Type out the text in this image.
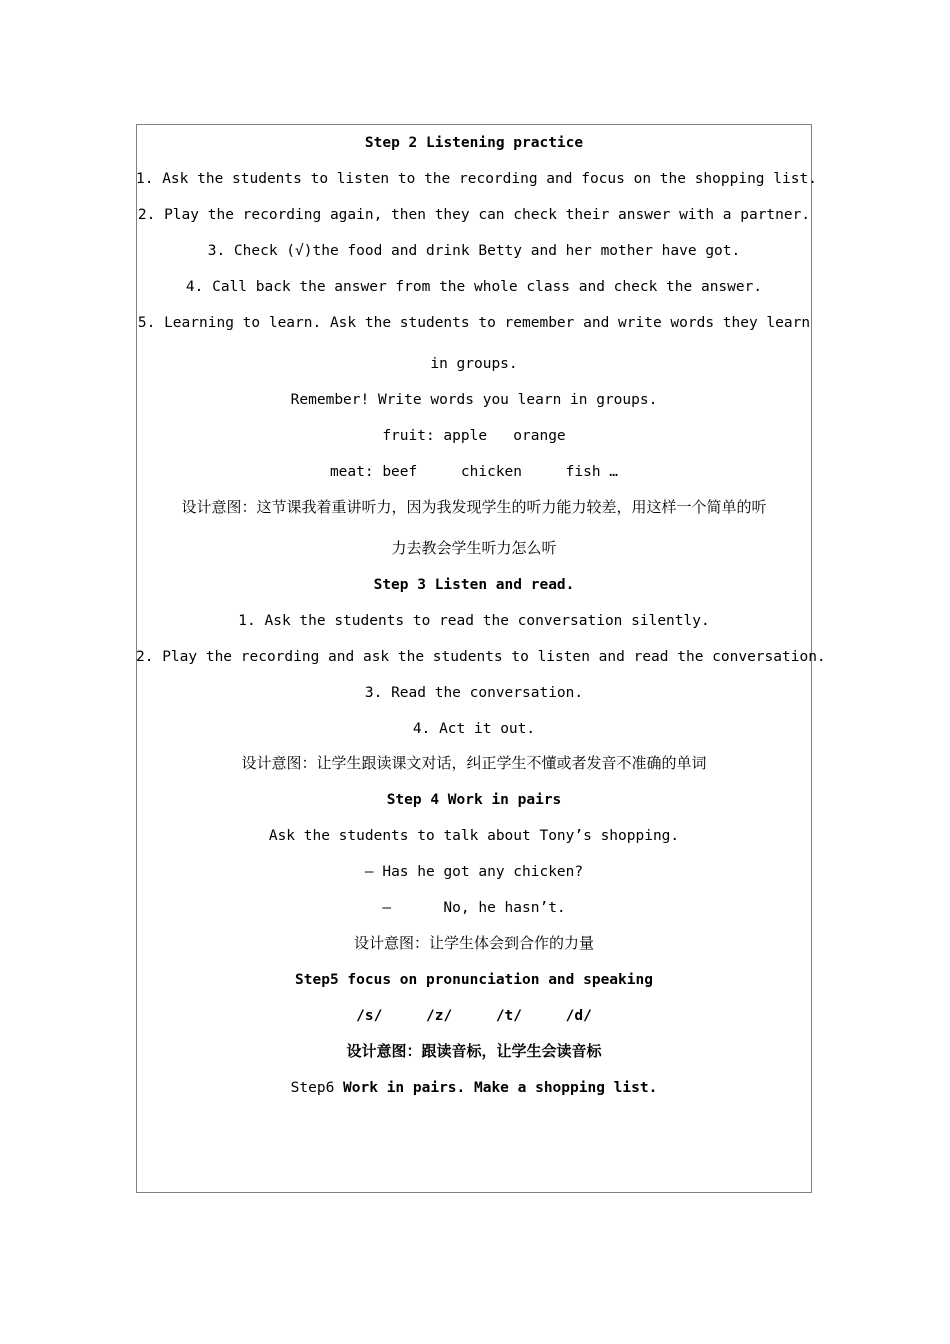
Step 2 Listening practice
1. Ask the students to listen to the recording and focus on the shopping list.
2. Play the recording again, then they can check their answer with a partner.
3. Check (√)the food and drink Betty and her mother have got.
4. Call back the answer from the whole class and check the answer.
5. Learning to learn. Ask the students to remember and write words they learn
in groups.
Remember! Write words you learn in groups.
fruit: apple   orange
meat: beef     chicken     fish …
设计意图：这节课我着重讲听力，因为我发现学生的听力能力较差，用这样一个简单的听
力去教会学生听力怎么听
Step 3 Listen and read.
1. Ask the students to read the conversation silently.
2. Play the recording and ask the students to listen and read the conversation.
3. Read the conversation.
4. Act it out.
设计意图：让学生跟读课文对话，纠正学生不懂或者发音不准确的单词
Step 4 Work in pairs
Ask the students to talk about Tony’s shopping.
— Has he got any chicken?
—      No, he hasn’t.
设计意图：让学生体会到合作的力量
Step5 focus on pronunciation and speaking
/s/     /z/     /t/     /d/
设计意图：跟读音标，让学生会读音标
Step6 Work in pairs. Make a shopping list.
